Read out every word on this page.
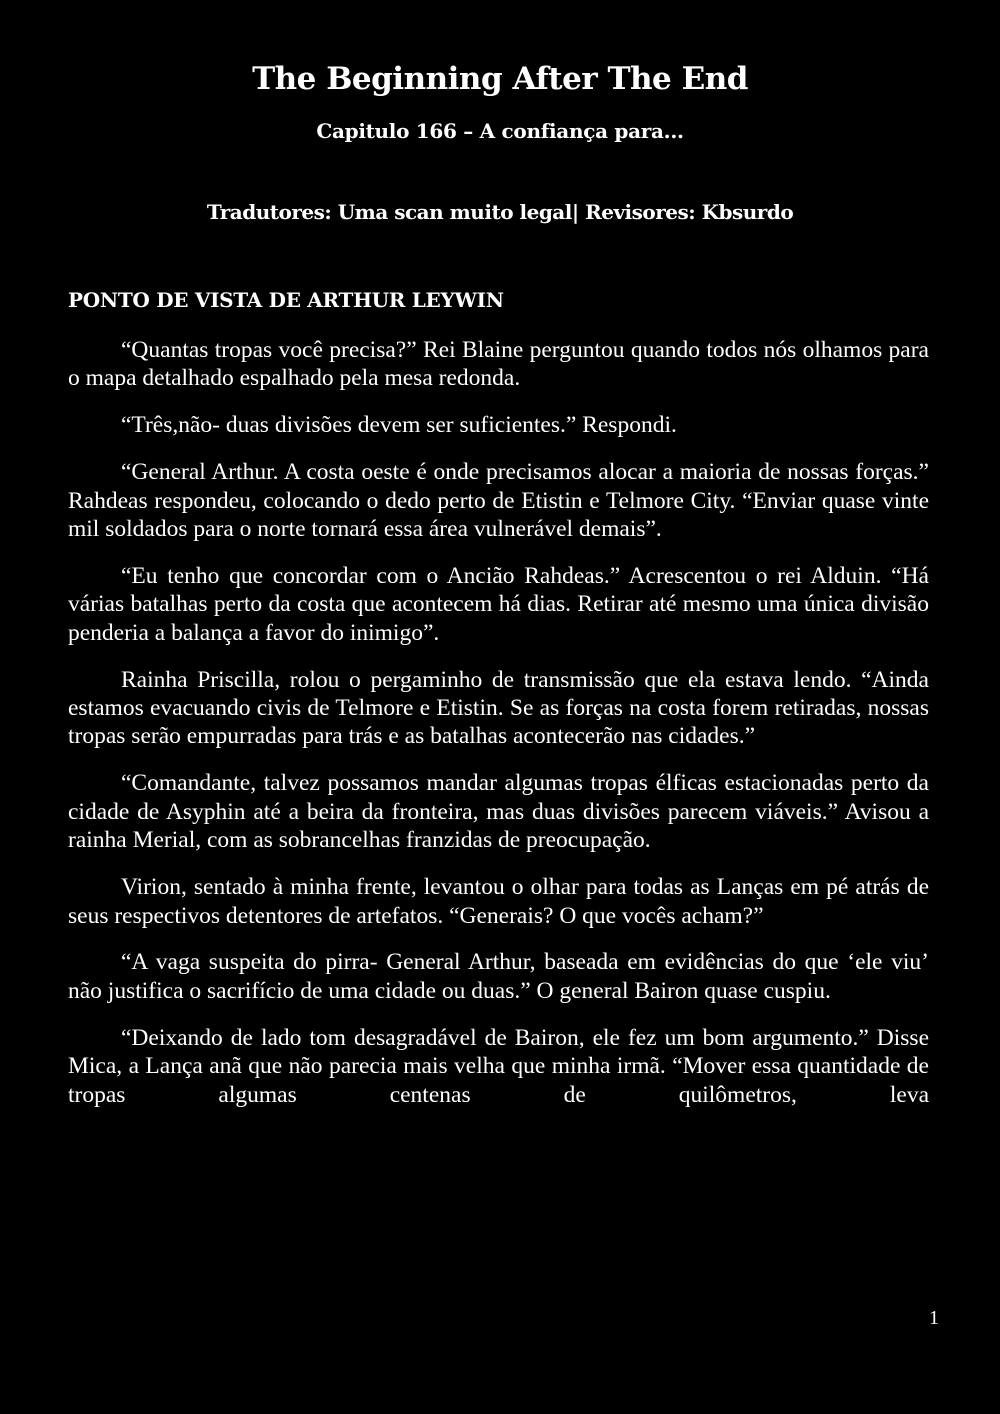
The Beginning After The End
Capitulo 166 – A confiança para...
Tradutores: Uma scan muito legal| Revisores: Kbsurdo
PONTO DE VISTA DE ARTHUR LEYWIN

“Quantas tropas você precisa?” Rei Blaine perguntou quando todos nós olhamos para o mapa detalhado espalhado pela mesa redonda.

“Três,não- duas divisões devem ser suficientes.” Respondi.

“General Arthur. A costa oeste é onde precisamos alocar a maioria de nossas forças.” Rahdeas respondeu, colocando o dedo perto de Etistin e Telmore City. “Enviar quase vinte mil soldados para o norte tornará essa área vulnerável demais”.

“Eu tenho que concordar com o Ancião Rahdeas.” Acrescentou o rei Alduin. “Há várias batalhas perto da costa que acontecem há dias. Retirar até mesmo uma única divisão penderia a balança a favor do inimigo”.

Rainha Priscilla, rolou o pergaminho de transmissão que ela estava lendo. “Ainda estamos evacuando civis de Telmore e Etistin. Se as forças na costa forem retiradas, nossas tropas serão empurradas para trás e as batalhas acontecerão nas cidades.”

“Comandante, talvez possamos mandar algumas tropas élficas estacionadas perto da cidade de Asyphin até a beira da fronteira, mas duas divisões parecem viáveis.” Avisou a rainha Merial, com as sobrancelhas franzidas de preocupação.

Virion, sentado à minha frente, levantou o olhar para todas as Lanças em pé atrás de seus respectivos detentores de artefatos. “Generais? O que vocês acham?”

“A vaga suspeita do pirra- General Arthur, baseada em evidências do que ‘ele viu’ não justifica o sacrifício de uma cidade ou duas.” O general Bairon quase cuspiu.

“Deixando de lado tom desagradável de Bairon, ele fez um bom argumento.” Disse Mica, a Lança anã que não parecia mais velha que minha irmã. “Mover essa quantidade de tropas algumas centenas de quilômetros, leva

1
